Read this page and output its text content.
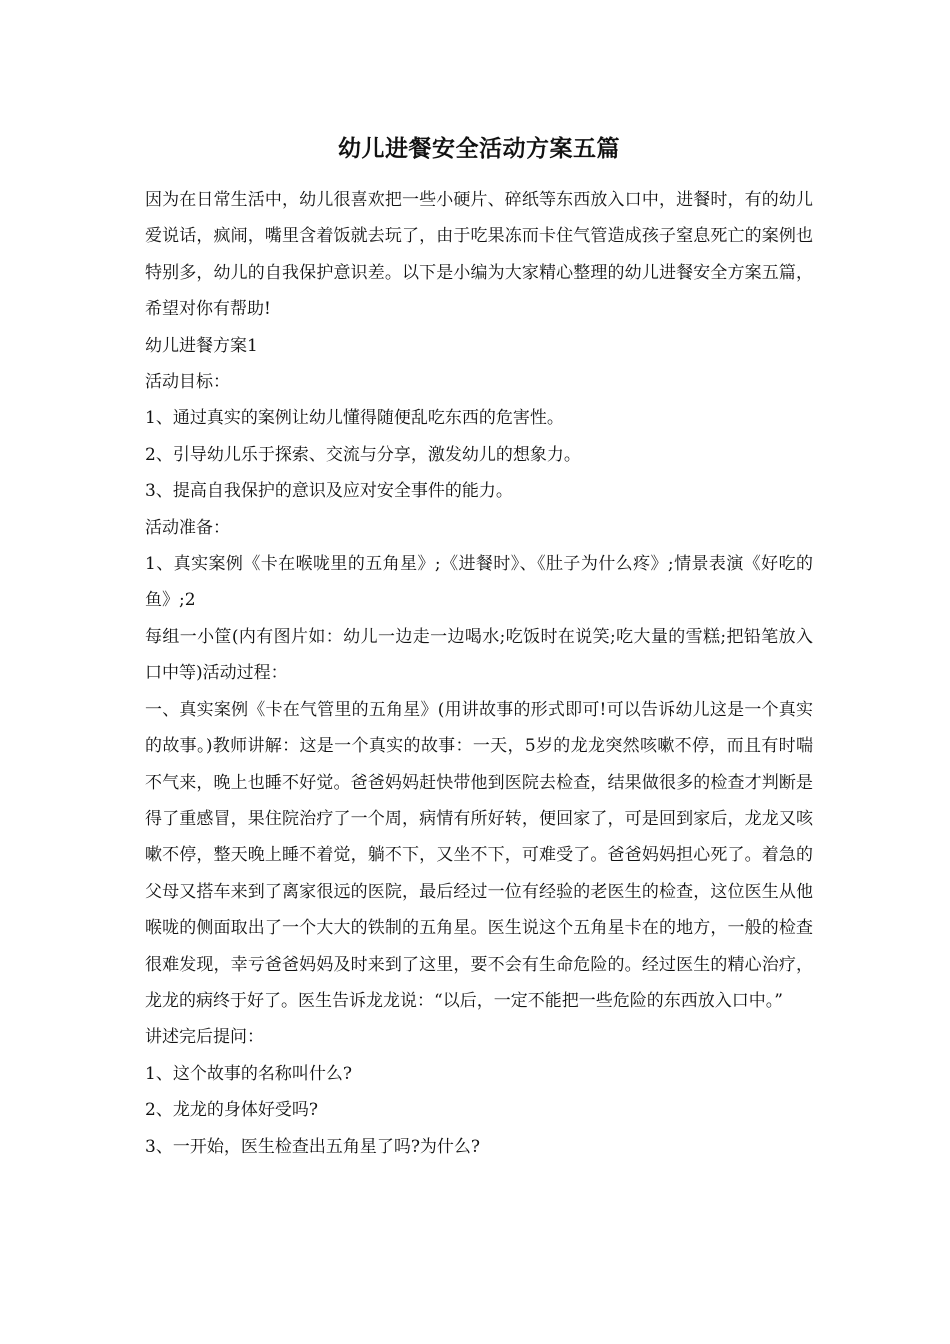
幼儿进餐安全活动方案五篇

因为在日常生活中，幼儿很喜欢把一些小硬片、碎纸等东西放入口中，进餐时，有的幼儿爱说话，疯闹，嘴里含着饭就去玩了，由于吃果冻而卡住气管造成孩子窒息死亡的案例也特别多，幼儿的自我保护意识差。以下是小编为大家精心整理的幼儿进餐安全方案五篇，希望对你有帮助!

幼儿进餐方案1

活动目标：

1、通过真实的案例让幼儿懂得随便乱吃东西的危害性。

2、引导幼儿乐于探索、交流与分享，激发幼儿的想象力。

3、提高自我保护的意识及应对安全事件的能力。

活动准备：

1、真实案例《卡在喉咙里的五角星》;《进餐时》、《肚子为什么疼》;情景表演《好吃的鱼》;2

每组一小筐(内有图片如：幼儿一边走一边喝水;吃饭时在说笑;吃大量的雪糕;把铅笔放入口中等)活动过程：

一、真实案例《卡在气管里的五角星》(用讲故事的形式即可!可以告诉幼儿这是一个真实的故事。)教师讲解：这是一个真实的故事：一天，5岁的龙龙突然咳嗽不停，而且有时喘不气来，晚上也睡不好觉。爸爸妈妈赶快带他到医院去检查，结果做很多的检查才判断是得了重感冒，果住院治疗了一个周，病情有所好转，便回家了，可是回到家后，龙龙又咳嗽不停，整天晚上睡不着觉，躺不下，又坐不下，可难受了。爸爸妈妈担心死了。着急的父母又搭车来到了离家很远的医院，最后经过一位有经验的老医生的检查，这位医生从他喉咙的侧面取出了一个大大的铁制的五角星。医生说这个五角星卡在的地方，一般的检查很难发现，幸亏爸爸妈妈及时来到了这里，要不会有生命危险的。经过医生的精心治疗，龙龙的病终于好了。医生告诉龙龙说：“以后，一定不能把一些危险的东西放入口中。”

讲述完后提问：

1、这个故事的名称叫什么?

2、龙龙的身体好受吗?

3、一开始，医生检查出五角星了吗?为什么?
